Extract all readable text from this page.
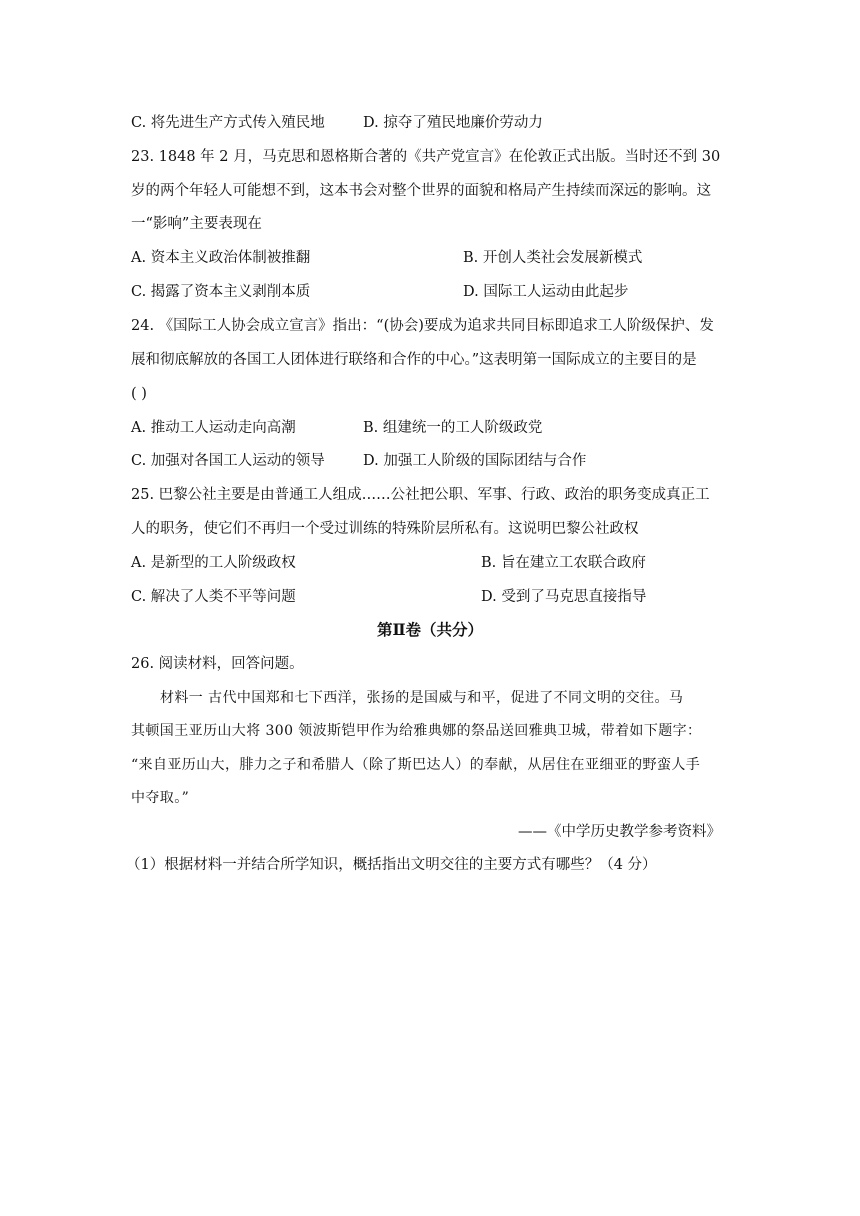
C. 将先进生产方式传入殖民地	D. 掠夺了殖民地廉价劳动力
23. 1848 年 2 月，马克思和恩格斯合著的《共产党宣言》在伦敦正式出版。当时还不到 30
岁的两个年轻人可能想不到，这本书会对整个世界的面貌和格局产生持续而深远的影响。这
一“影响”主要表现在
A. 资本主义政治体制被推翻	B. 开创人类社会发展新模式
C. 揭露了资本主义剥削本质	D. 国际工人运动由此起步
24. 《国际工人协会成立宣言》指出：“(协会)要成为追求共同目标即追求工人阶级保护、发
展和彻底解放的各国工人团体进行联络和合作的中心。”这表明第一国际成立的主要目的是
( )
A. 推动工人运动走向高潮	B. 组建统一的工人阶级政党
C. 加强对各国工人运动的领导	D. 加强工人阶级的国际团结与合作
25. 巴黎公社主要是由普通工人组成……公社把公职、军事、行政、政治的职务变成真正工
人的职务，使它们不再归一个受过训练的特殊阶层所私有。这说明巴黎公社政权
A. 是新型的工人阶级政权	B. 旨在建立工农联合政府
C. 解决了人类不平等问题	D. 受到了马克思直接指导
第Ⅱ卷（共分）
26. 阅读材料，回答问题。
材料一 古代中国郑和七下西洋，张扬的是国威与和平，促进了不同文明的交往。马
其顿国王亚历山大将 300 领波斯铠甲作为给雅典娜的祭品送回雅典卫城，带着如下题字：
“来自亚历山大，腓力之子和希腊人（除了斯巴达人）的奉献，从居住在亚细亚的野蛮人手
中夺取。”
——《中学历史教学参考资料》
（1）根据材料一并结合所学知识，概括指出文明交往的主要方式有哪些？（4 分）
